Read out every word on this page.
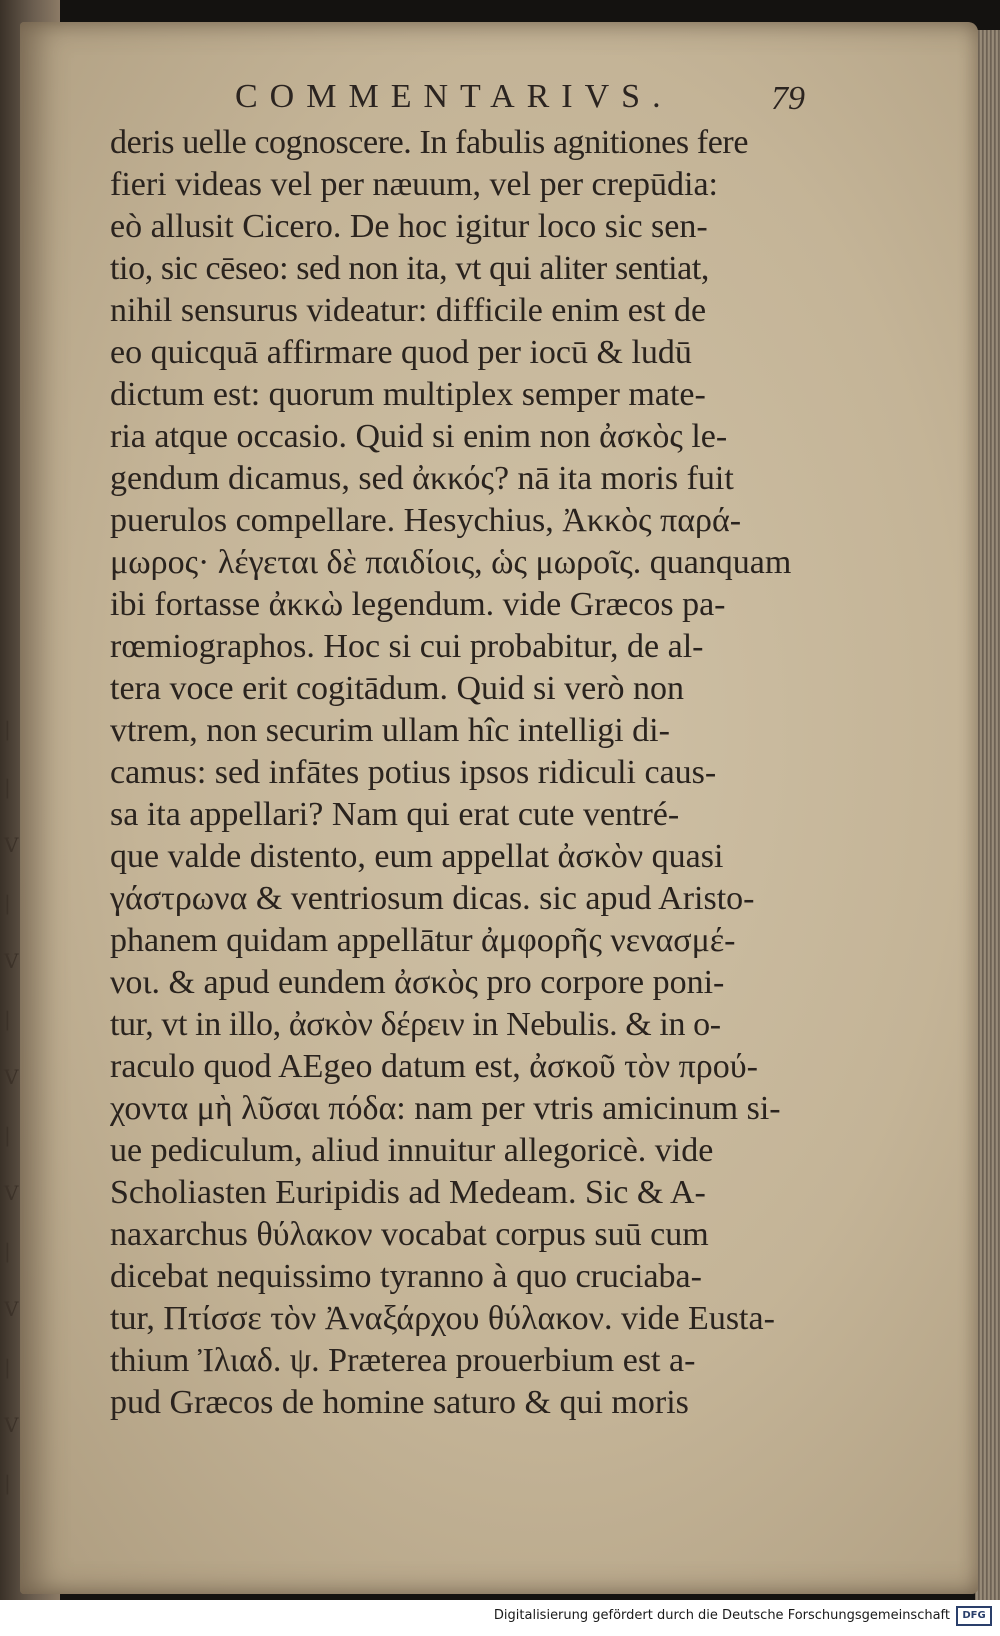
COMMENTARIVS.	79
deris uelle cognoscere. In fabulis agnitiones fere
fieri videas vel per næuum, vel per crepūdia:
eò allusit Cicero. De hoc igitur loco sic sen-
tio, sic cēseo: sed non ita, vt qui aliter sentiat,
nihil sensurus videatur: difficile enim est de
eo quicquā affirmare quod per iocū & ludū
dictum est: quorum multiplex semper mate-
ria atque occasio. Quid si enim non ἀσκὸς le-
gendum dicamus, sed ἀκκός? nā ita moris fuit
puerulos compellare. Hesychius, Ἀκκὸς παρά-
μωρος· λέγεται δὲ παιδίοις, ὡς μωροῖς. quanquam
ibi fortasse ἀκκὼ legendum. vide Græcos pa-
rœmiographos. Hoc si cui probabitur, de al-
tera voce erit cogitādum. Quid si verò non
vtrem, non securim ullam hîc intelligi di-
camus: sed infātes potius ipsos ridiculi caus-
sa ita appellari? Nam qui erat cute ventré-
que valde distento, eum appellat ἀσκὸν quasi
γάστρωνα & ventriosum dicas. sic apud Aristo-
phanem quidam appellātur ἀμφορῆς νενασμέ-
νοι. & apud eundem ἀσκὸς pro corpore poni-
tur, vt in illo, ἀσκὸν δέρειν in Nebulis. & in o-
raculo quod AEgeo datum est, ἀσκοῦ τὸν πρού-
χοντα μὴ λῦσαι πόδα: nam per vtris amicinum si-
ue pediculum, aliud innuitur allegoricè. vide
Scholiasten Euripidis ad Medeam. Sic & A-
naxarchus θύλακον vocabat corpus suū cum
dicebat nequissimo tyranno à quo cruciaba-
tur, Πτίσσε τὸν Ἀναξάρχου θύλακον. vide Eusta-
thium Ἰλιαδ. ψ. Præterea prouerbium est a-
pud Græcos de homine saturo & qui moris
|
|
V
|
V
|
V
|
V
|
V
|
V
|
Digitalisierung gefördert durch die Deutsche Forschungsgemeinschaft	DFG
